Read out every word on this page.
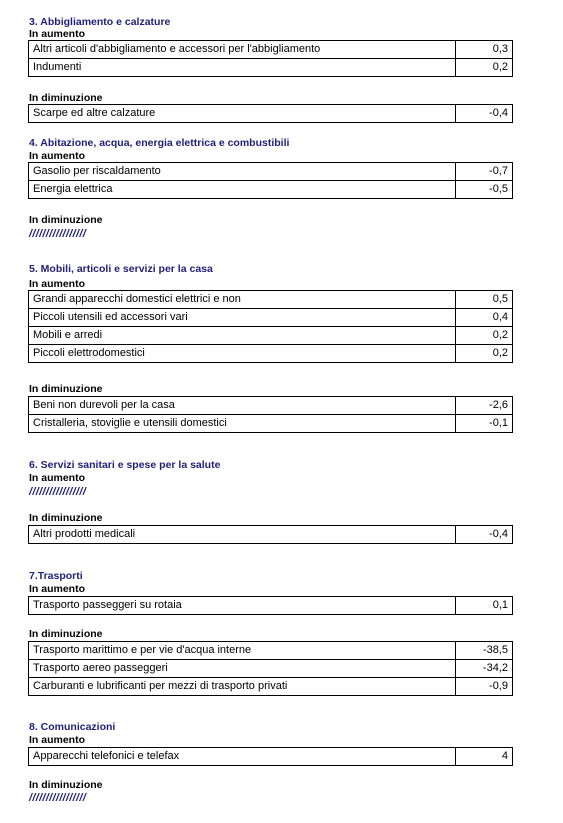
3. Abbigliamento e calzature
In aumento
Altri articoli d'abbigliamento e accessori per l'abbigliamento	0,3
Indumenti	0,2
In diminuzione
Scarpe ed altre calzature	-0,4
4. Abitazione, acqua, energia elettrica e combustibili
In aumento
Gasolio per riscaldamento	-0,7
Energia elettrica	-0,5
In diminuzione
/////////////////
5. Mobili, articoli e servizi per la casa
In aumento
Grandi apparecchi domestici elettrici e non	0,5
Piccoli utensili ed accessori vari	0,4
Mobili e arredi	0,2
Piccoli elettrodomestici	0,2
In diminuzione
Beni non durevoli per la casa	-2,6
Cristalleria, stoviglie e utensili domestici	-0,1
6. Servizi sanitari e spese per la salute
In aumento
/////////////////
In diminuzione
Altri prodotti medicali	-0,4
7.Trasporti
In aumento
Trasporto passeggeri su rotaia	0,1
In diminuzione
Trasporto marittimo e per vie d'acqua interne	-38,5
Trasporto aereo passeggeri	-34,2
Carburanti e lubrificanti per mezzi di trasporto privati	-0,9
8. Comunicazioni
In aumento
Apparecchi telefonici e telefax	4
In diminuzione
/////////////////
